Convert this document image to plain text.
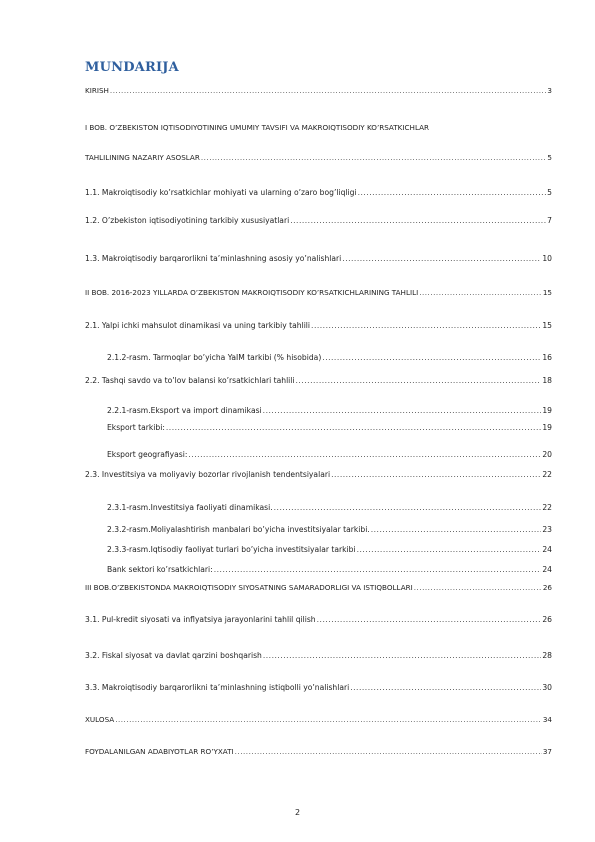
MUNDARIJA
KIRISH .....	3
I BOB. O’ZBEKISTON IQTISODIYOTINING UMUMIY TAVSIFI VA MAKROIQTISODIY KO’RSATKICHLAR
TAHLILINING NAZARIY ASOSLAR .....	5
1.1. Makroiqtisodiy ko’rsatkichlar mohiyati va ularning o’zaro bog’liqligi .....	5
1.2. O’zbekiston iqtisodiyotining tarkibiy xususiyatlari .....	7
1.3. Makroiqtisodiy barqarorlikni ta’minlashning asosiy yo’nalishlari .....	10
II BOB. 2016-2023 YILLARDA O’ZBEKISTON MAKROIQTISODIY KO’RSATKICHLARINING TAHLILI .....	15
2.1. Yalpi ichki mahsulot dinamikasi va uning tarkibiy tahlili .....	15
2.1.2-rasm. Tarmoqlar bo’yicha YaIM tarkibi (% hisobida) .....	16
2.2. Tashqi savdo va to’lov balansi ko’rsatkichlari tahlili .....	18
2.2.1-rasm.Eksport va import dinamikasi .....	19
Eksport tarkibi: .....	19
Eksport geografiyasi: .....	20
2.3. Investitsiya va moliyaviy bozorlar rivojlanish tendentsiyalari .....	22
2.3.1-rasm.Investitsiya faoliyati dinamikasi. .....	22
2.3.2-rasm.Moliyalashtirish manbalari bo’yicha investitsiyalar tarkibi. .....	23
2.3.3-rasm.Iqtisodiy faoliyat turlari bo’yicha investitsiyalar tarkibi .....	24
Bank sektori ko’rsatkichlari: .....	24
III BOB.O’ZBEKISTONDA MAKROIQTISODIY SIYOSATNING SAMARADORLIGI VA ISTIQBOLLARI .....	26
3.1. Pul-kredit siyosati va inflyatsiya jarayonlarini tahlil qilish .....	26
3.2. Fiskal siyosat va davlat qarzini boshqarish .....	28
3.3. Makroiqtisodiy barqarorlikni ta’minlashning istiqbolli yo’nalishlari .....	30
XULOSA .....	34
FOYDALANILGAN ADABIYOTLAR RO’YXATI .....	37
2
